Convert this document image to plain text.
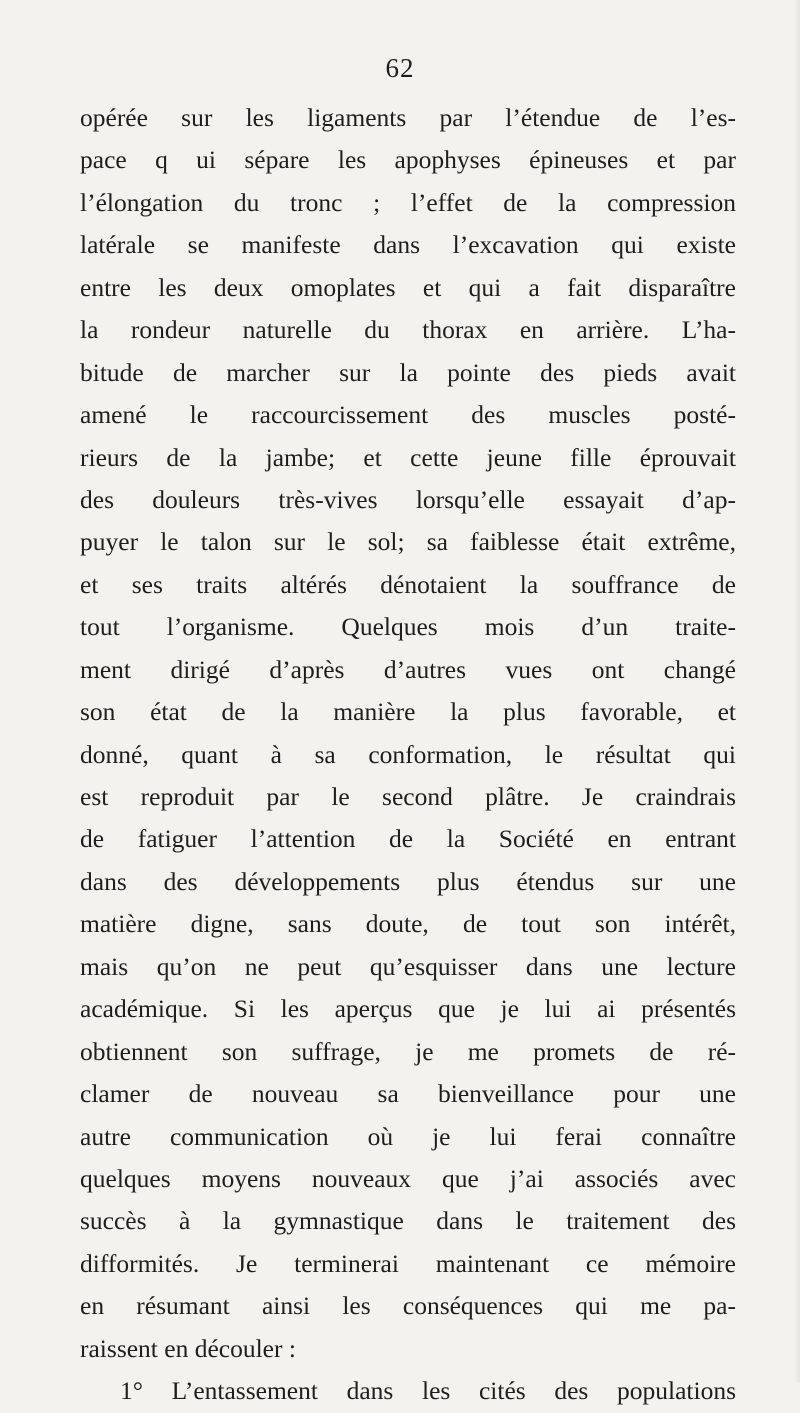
62
opérée sur les ligaments par l’étendue de l’es-
pace q ui sépare les apophyses épineuses et par
l’élongation du tronc ; l’effet de la compression
latérale se manifeste dans l’excavation qui existe
entre les deux omoplates et qui a fait disparaître
la rondeur naturelle du thorax en arrière. L’ha-
bitude de marcher sur la pointe des pieds avait
amené le raccourcissement des muscles posté-
rieurs de la jambe; et cette jeune fille éprouvait
des douleurs très-vives lorsqu’elle essayait d’ap-
puyer le talon sur le sol; sa faiblesse était extrême,
et ses traits altérés dénotaient la souffrance de
tout l’organisme. Quelques mois d’un traite-
ment dirigé d’après d’autres vues ont changé
son état de la manière la plus favorable, et
donné, quant à sa conformation, le résultat qui
est reproduit par le second plâtre. Je craindrais
de fatiguer l’attention de la Société en entrant
dans des développements plus étendus sur une
matière digne, sans doute, de tout son intérêt,
mais qu’on ne peut qu’esquisser dans une lecture
académique. Si les aperçus que je lui ai présentés
obtiennent son suffrage, je me promets de ré-
clamer de nouveau sa bienveillance pour une
autre communication où je lui ferai connaître
quelques moyens nouveaux que j’ai associés avec
succès à la gymnastique dans le traitement des
difformités. Je terminerai maintenant ce mémoire
en résumant ainsi les conséquences qui me pa-
raissent en découler :
1° L’entassement dans les cités des populations
